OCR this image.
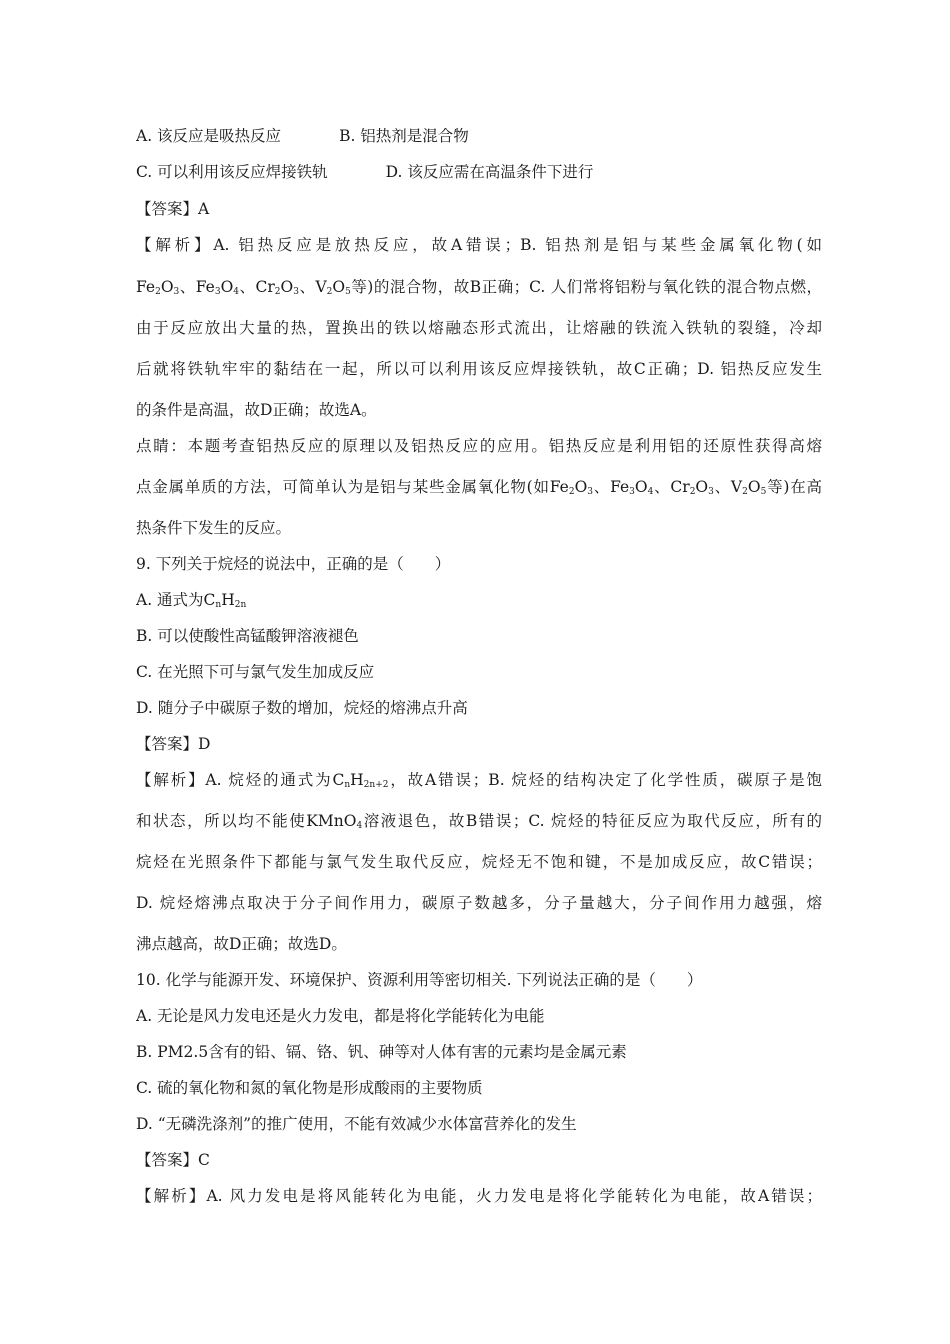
A. 该反应是吸热反应	B. 铝热剂是混合物
C. 可以利用该反应焊接铁轨	D. 该反应需在高温条件下进行
【答案】A
【解析】A. 铝热反应是放热反应，故A错误；B. 铝热剂是铝与某些金属氧化物(如
$Fe_2O_3$、$Fe_3O_4$、$Cr_2O_3$、$V_2O_5$等)的混合物，故B正确；C. 人们常将铝粉与氧化铁的混合物点燃，
由于反应放出大量的热，置换出的铁以熔融态形式流出，让熔融的铁流入铁轨的裂缝，冷却
后就将铁轨牢牢的黏结在一起，所以可以利用该反应焊接铁轨，故C正确；D. 铝热反应发生
的条件是高温，故D正确；故选A。
点睛：本题考查铝热反应的原理以及铝热反应的应用。铝热反应是利用铝的还原性获得高熔
点金属单质的方法，可简单认为是铝与某些金属氧化物(如$Fe_2O_3$、$Fe_3O_4$、$Cr_2O_3$、$V_2O_5$等)在高
热条件下发生的反应。
9. 下列关于烷烃的说法中，正确的是（　　）
A. 通式为$C_nH_{2n}$
B. 可以使酸性高锰酸钾溶液褪色
C. 在光照下可与氯气发生加成反应
D. 随分子中碳原子数的增加，烷烃的熔沸点升高
【答案】D
【解析】A. 烷烃的通式为$C_nH_{2n+2}$，故A错误；B. 烷烃的结构决定了化学性质，碳原子是饱
和状态，所以均不能使KMnO$_4$溶液退色，故B错误；C. 烷烃的特征反应为取代反应，所有的
烷烃在光照条件下都能与氯气发生取代反应，烷烃无不饱和键，不是加成反应，故C错误；
D. 烷烃熔沸点取决于分子间作用力，碳原子数越多，分子量越大，分子间作用力越强，熔
沸点越高，故D正确；故选D。
10. 化学与能源开发、环境保护、资源利用等密切相关. 下列说法正确的是（　　）
A. 无论是风力发电还是火力发电，都是将化学能转化为电能
B. PM2.5含有的铅、镉、铬、钒、砷等对人体有害的元素均是金属元素
C. 硫的氧化物和氮的氧化物是形成酸雨的主要物质
D. “无磷洗涤剂”的推广使用，不能有效减少水体富营养化的发生
【答案】C
【解析】A. 风力发电是将风能转化为电能，火力发电是将化学能转化为电能，故A错误；
